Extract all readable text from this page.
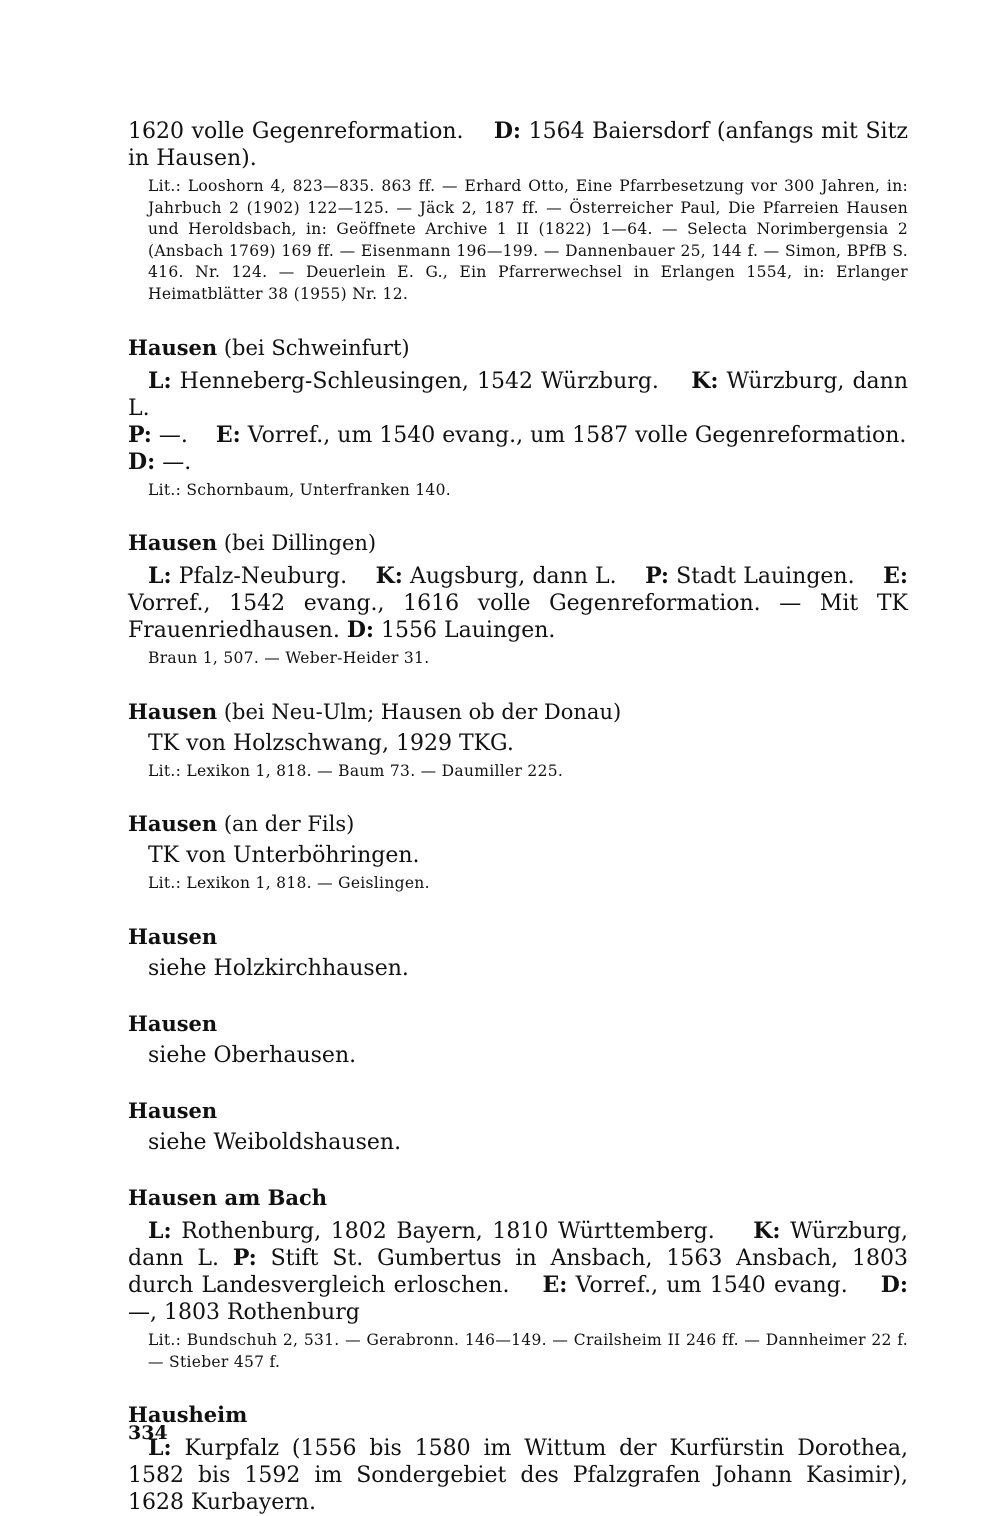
1620 volle Gegenreformation. D: 1564 Baiersdorf (anfangs mit Sitz in Hausen).

Lit.: Looshorn 4, 823—835. 863 ff. — Erhard Otto, Eine Pfarrbesetzung vor 300 Jahren, in: Jahrbuch 2 (1902) 122—125. — Jäck 2, 187 ff. — Österreicher Paul, Die Pfarreien Hausen und Heroldsbach, in: Geöffnete Archive 1 II (1822) 1—64. — Selecta Norimbergensia 2 (Ansbach 1769) 169 ff. — Eisenmann 196—199. — Dannenbauer 25, 144 f. — Simon, BPfB S. 416. Nr. 124. — Deuerlein E. G., Ein Pfarrerwechsel in Erlangen 1554, in: Erlanger Heimatblätter 38 (1955) Nr. 12.

Hausen (bei Schweinfurt)

L: Henneberg-Schleusingen, 1542 Würzburg. K: Würzburg, dann L.
P: —. E: Vorref., um 1540 evang., um 1587 volle Gegenreformation.
D: —.

Lit.: Schornbaum, Unterfranken 140.

Hausen (bei Dillingen)

L: Pfalz-Neuburg. K: Augsburg, dann L. P: Stadt Lauingen. E: Vorref., 1542 evang., 1616 volle Gegenreformation. — Mit TK Frauenriedhausen. D: 1556 Lauingen.

Braun 1, 507. — Weber-Heider 31.

Hausen (bei Neu-Ulm; Hausen ob der Donau)

TK von Holzschwang, 1929 TKG.

Lit.: Lexikon 1, 818. — Baum 73. — Daumiller 225.

Hausen (an der Fils)

TK von Unterböhringen.

Lit.: Lexikon 1, 818. — Geislingen.

Hausen

siehe Holzkirchhausen.

Hausen

siehe Oberhausen.

Hausen

siehe Weiboldshausen.

Hausen am Bach

L: Rothenburg, 1802 Bayern, 1810 Württemberg. K: Würzburg, dann L. P: Stift St. Gumbertus in Ansbach, 1563 Ansbach, 1803 durch Landesvergleich erloschen. E: Vorref., um 1540 evang. D: —, 1803 Rothenburg

Lit.: Bundschuh 2, 531. — Gerabronn. 146—149. — Crailsheim II 246 ff. — Dannheimer 22 f. — Stieber 457 f.

Hausheim

L: Kurpfalz (1556 bis 1580 im Wittum der Kurfürstin Dorothea, 1582 bis 1592 im Sondergebiet des Pfalzgrafen Johann Kasimir), 1628 Kurbayern.

334
